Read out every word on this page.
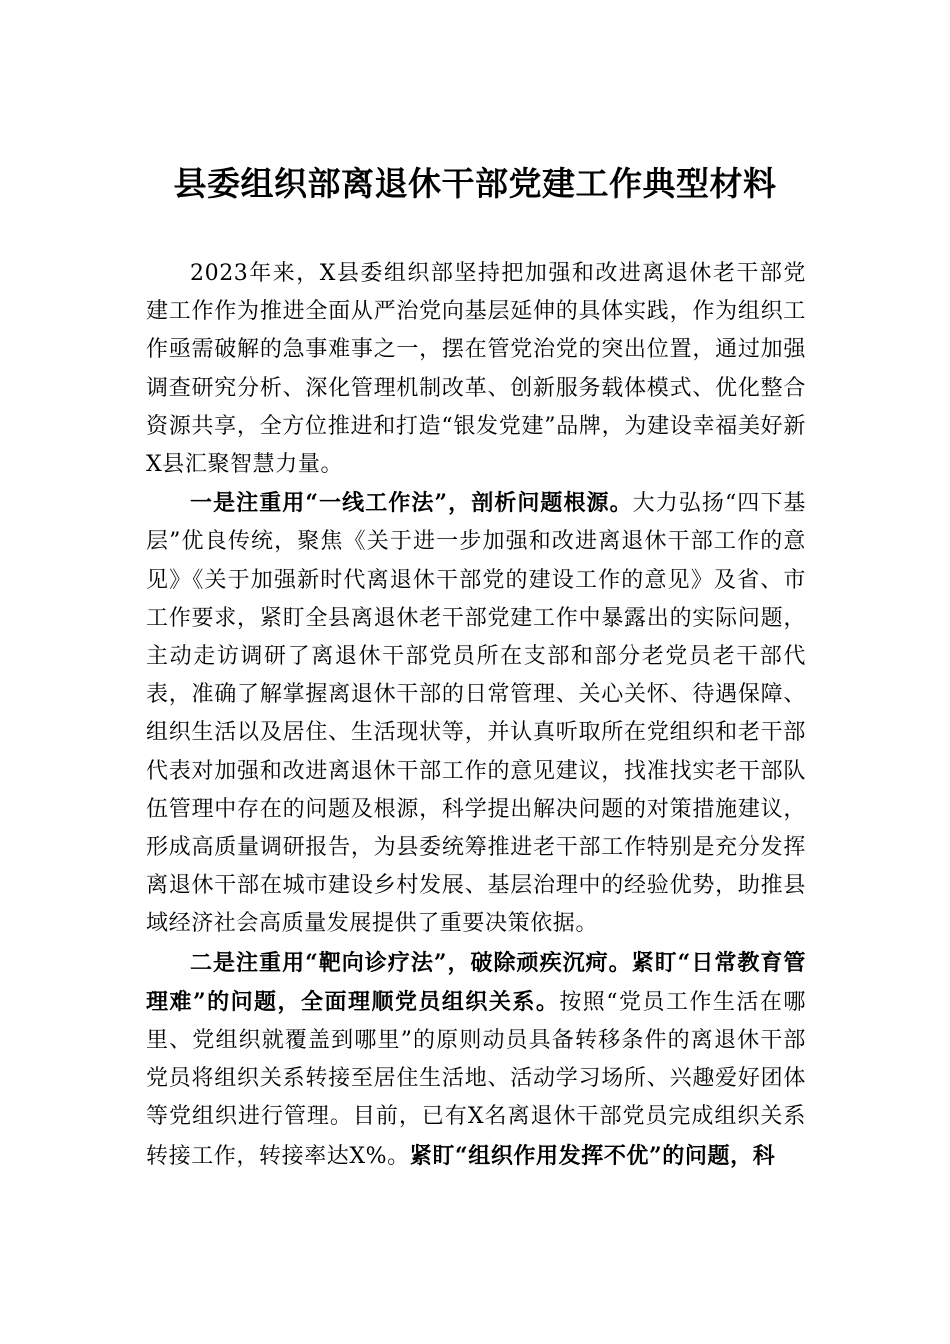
县委组织部离退休干部党建工作典型材料

2023年来，X县委组织部坚持把加强和改进离退休老干部党建工作作为推进全面从严治党向基层延伸的具体实践，作为组织工作亟需破解的急事难事之一，摆在管党治党的突出位置，通过加强调查研究分析、深化管理机制改革、创新服务载体模式、优化整合资源共享，全方位推进和打造“银发党建”品牌，为建设幸福美好新X县汇聚智慧力量。

一是注重用“一线工作法”，剖析问题根源。大力弘扬“四下基层”优良传统，聚焦《关于进一步加强和改进离退休干部工作的意见》《关于加强新时代离退休干部党的建设工作的意见》及省、市工作要求，紧盯全县离退休老干部党建工作中暴露出的实际问题，主动走访调研了离退休干部党员所在支部和部分老党员老干部代表，准确了解掌握离退休干部的日常管理、关心关怀、待遇保障、组织生活以及居住、生活现状等，并认真听取所在党组织和老干部代表对加强和改进离退休干部工作的意见建议，找准找实老干部队伍管理中存在的问题及根源，科学提出解决问题的对策措施建议，形成高质量调研报告，为县委统筹推进老干部工作特别是充分发挥离退休干部在城市建设乡村发展、基层治理中的经验优势，助推县域经济社会高质量发展提供了重要决策依据。

二是注重用“靶向诊疗法”，破除顽疾沉疴。紧盯“日常教育管理难”的问题，全面理顺党员组织关系。按照“党员工作生活在哪里、党组织就覆盖到哪里”的原则动员具备转移条件的离退休干部党员将组织关系转接至居住生活地、活动学习场所、兴趣爱好团体等党组织进行管理。目前，已有X名离退休干部党员完成组织关系转接工作，转接率达X%。紧盯“组织作用发挥不优”的问题，科
